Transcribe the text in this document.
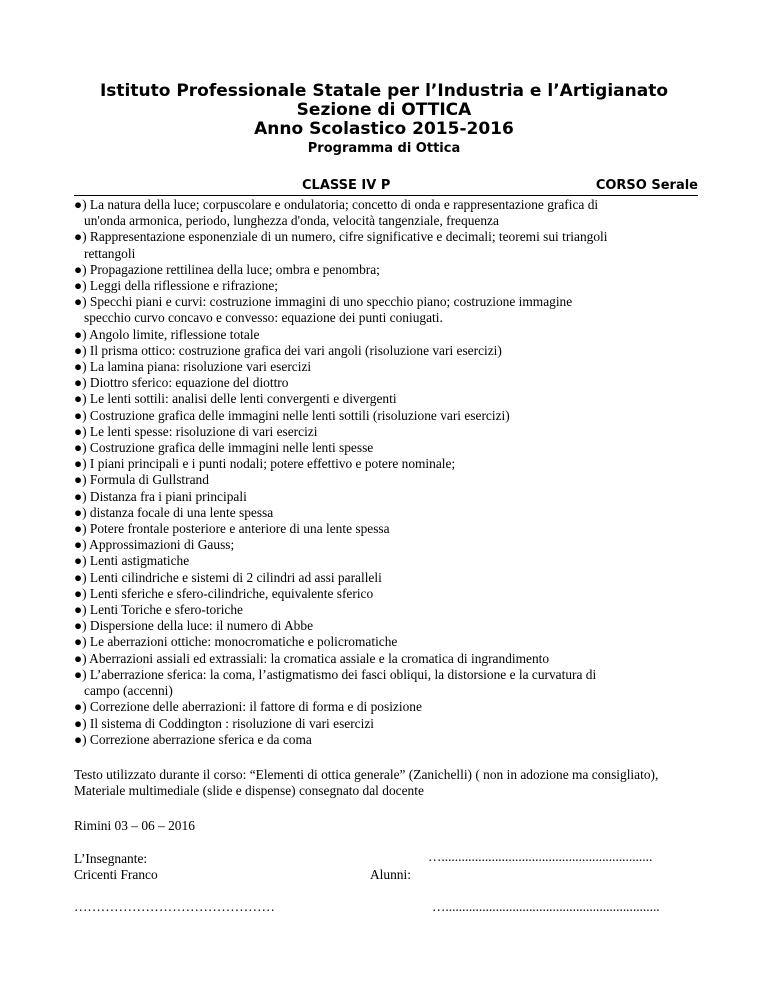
Istituto Professionale Statale per l’Industria e l’Artigianato
Sezione di OTTICA
Anno Scolastico 2015-2016
Programma di Ottica
CLASSE IV P	CORSO Serale
●) La natura della luce; corpuscolare e ondulatoria; concetto di onda e rappresentazione grafica di
un'onda armonica, periodo, lunghezza d'onda, velocità tangenziale, frequenza
●) Rappresentazione esponenziale di un numero, cifre significative e decimali; teoremi sui triangoli
rettangoli
●) Propagazione rettilinea della luce; ombra e penombra;
●) Leggi della riflessione e rifrazione;
●) Specchi piani e curvi: costruzione immagini di uno specchio piano; costruzione immagine
specchio curvo concavo e convesso: equazione dei punti coniugati.
●) Angolo limite, riflessione totale
●) Il prisma ottico: costruzione grafica dei vari angoli (risoluzione vari esercizi)
●) La lamina piana: risoluzione vari esercizi
●) Diottro sferico: equazione del diottro
●) Le lenti sottili: analisi delle lenti convergenti e divergenti
●) Costruzione grafica delle immagini nelle lenti sottili (risoluzione vari esercizi)
●) Le lenti spesse: risoluzione di vari esercizi
●) Costruzione grafica delle immagini nelle lenti spesse
●) I piani principali e i punti nodali; potere effettivo e potere nominale;
●) Formula di Gullstrand
●) Distanza fra i piani principali
●) distanza focale di una lente spessa
●) Potere frontale posteriore e anteriore di una lente spessa
●) Approssimazioni di Gauss;
●) Lenti astigmatiche
●) Lenti cilindriche e sistemi di 2 cilindri ad assi paralleli
●) Lenti sferiche e sfero-cilindriche, equivalente sferico
●) Lenti Toriche e sfero-toriche
●) Dispersione della luce: il numero di Abbe
●) Le aberrazioni ottiche: monocromatiche e policromatiche
●) Aberrazioni assiali ed extrassiali: la cromatica assiale e la cromatica di ingrandimento
●) L’aberrazione sferica: la coma, l’astigmatismo dei fasci obliqui, la distorsione e la curvatura di
campo (accenni)
●) Correzione delle aberrazioni: il fattore di forma e di posizione
●) Il sistema di Coddington : risoluzione di vari esercizi
●) Correzione aberrazione sferica e da coma

Testo utilizzato durante il corso: “Elementi di ottica generale” (Zanichelli) ( non in adozione ma consigliato), Materiale multimediale (slide e dispense) consegnato dal docente

Rimini 03 – 06 – 2016

L’Insegnante:

Cricenti Franco	Alunni:
…...............................................................
………………………………………	…................................................................
